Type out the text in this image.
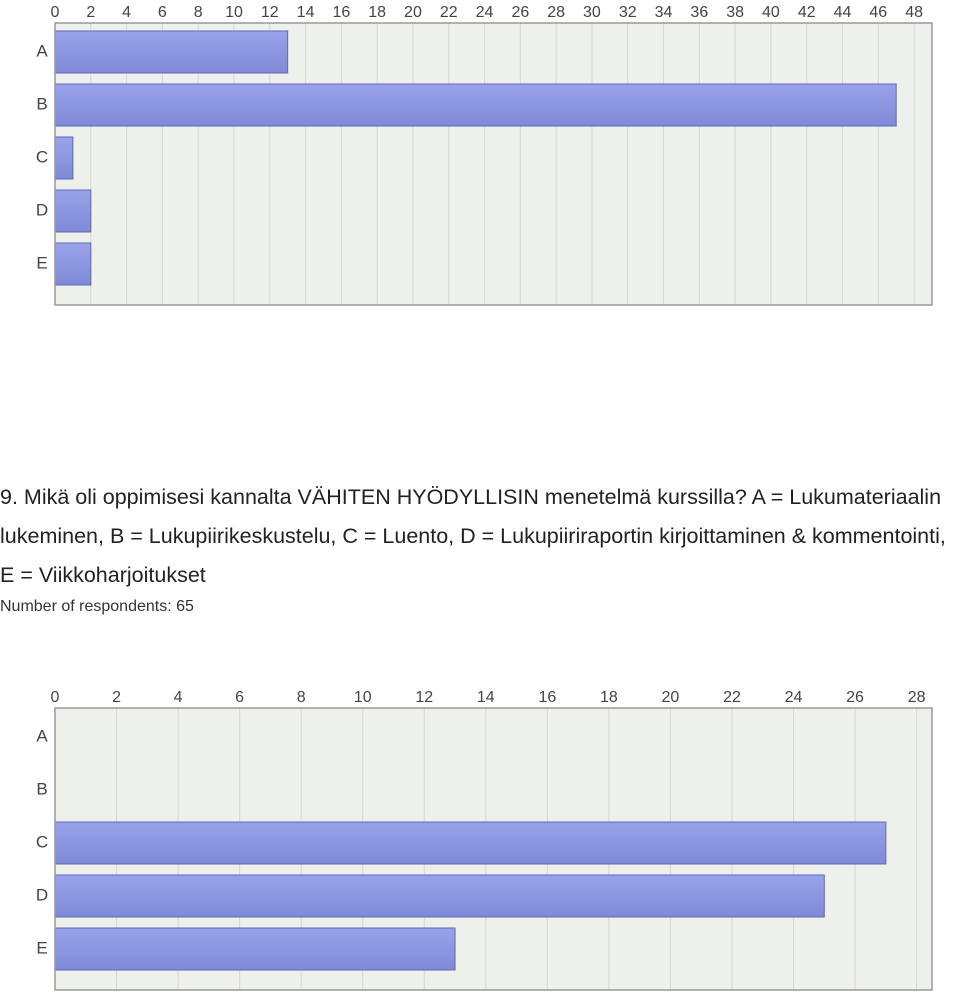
0 2 4 6 8 10 12 14 16 18 20 22 24 26 28 30 32 34 36 38 40 42 44 46 48
A
B
C
D
E
9. Mikä oli oppimisesi kannalta VÄHITEN HYÖDYLLISIN menetelmä kurssilla? A = Lukumateriaalin lukeminen, B = Lukupiirikeskustelu, C = Luento, D = Lukupiiriraportin kirjoittaminen & kommentointi, E = Viikkoharjoitukset

Number of respondents: 65

0	2	4	6	8	10	12	14	16	18	20	22	24	26	28
A
B
C
D
E
